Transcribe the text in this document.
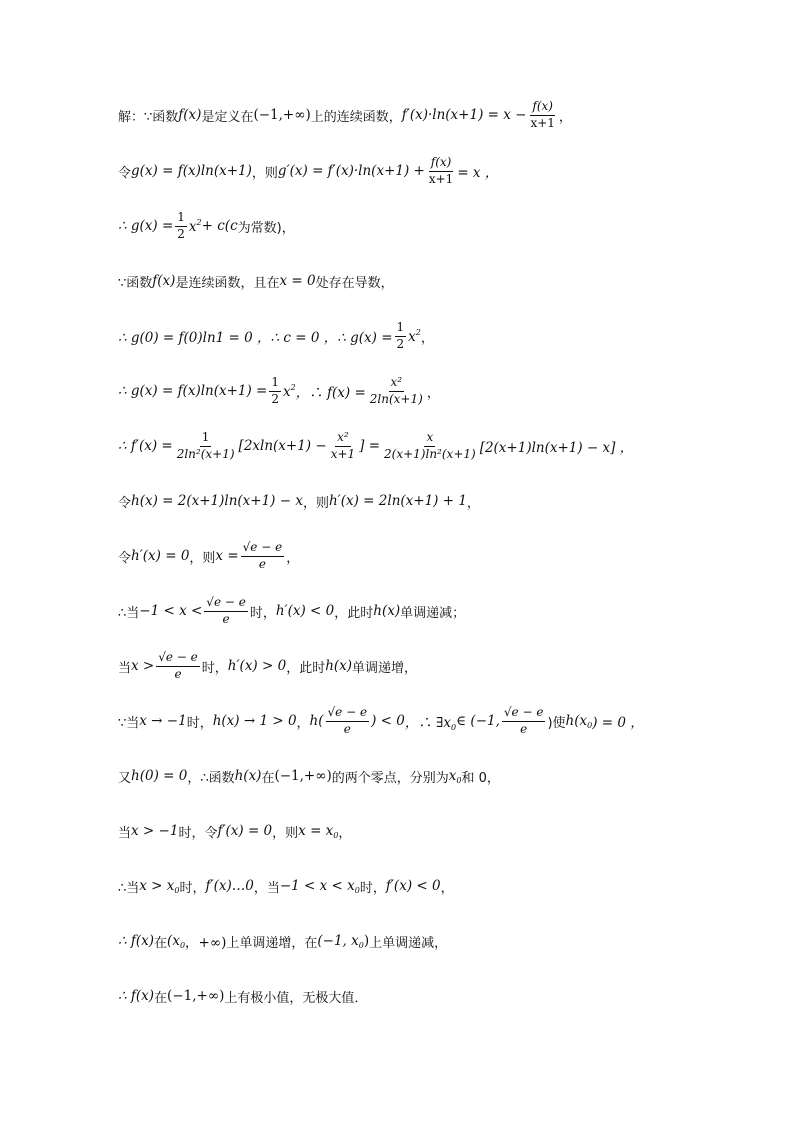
解： ∵函数 f(x) 是定义在 (−1,+∞) 上的连续函数， $f'(x)\cdot\ln(x+1) = x - \frac{f(x)}{x+1}$ ，
令 g(x) = f(x)ln(x+1) ，则 $g'(x) = f'(x)\cdot\ln(x+1) + \frac{f(x)}{x+1} = x$ ，
∴ $g(x) = \frac{1}{2} x^2 + c$( c 为常数)，
∵函数 f(x) 是连续函数，且在 x = 0 处存在导数，
∴ g(0) = f(0)ln1 = 0 ，∴ c = 0 ，∴ $g(x) = \frac{1}{2} x^2$ ，
∴ $g(x) = f(x)\ln(x+1) = \frac{1}{2} x^2$ ，∴ $f(x) = \frac{\text{x²}}{2\ln(x+1)}$ ，
∴ $f'(x) = \frac{1}{\text{2ln²(x+1)}} [2xln(x+1) - \frac{\text{x²}}{x+1}$ ] = $\frac{x}{\text{2(x+1)ln²(x+1)}} [2(x+1)\ln(x+1) - x]$ ，
令 h(x) = 2(x+1)ln(x+1) − x ，则 h′(x) = 2ln(x+1) + 1 ，
令 h′(x) = 0 ，则 $x = \frac{√e - e}{e}$ ，
∴当 $-1 < x < \frac{√e - e}{e}$ 时， h′(x) < 0 ，此时 h(x) 单调递减；
当 $x > \frac{√e - e}{e}$ 时， h′(x) > 0 ，此时 h(x) 单调递增，
∵当 x → −1 时， h(x) → 1 > 0 ， $h( \frac{√e - e}{e}$ ) < 0 ，∴ $\exists x_0$ ∈ (−1, $\frac{√e - e}{e}$ )使 $h(x_0$ ) = 0 ，
又 h(0) = 0 ，∴函数 h(x) 在 (−1,+∞) 的两个零点，分别为 $x_0$ 和 0，
当 x > −1 时，令 f′(x) = 0 ，则 $x = x_0$ ，
∴当 $x > x_0$ 时， f′(x)…0 ，当 $-1 < x < x_0$ 时， f′(x) < 0 ，
∴ f(x) 在 ($x_0$ ，+∞) 上单调递增，在 (−1, $x_0$ ) 上单调递减，
∴ f(x) 在 (−1,+∞) 上有极小值，无极大值．
